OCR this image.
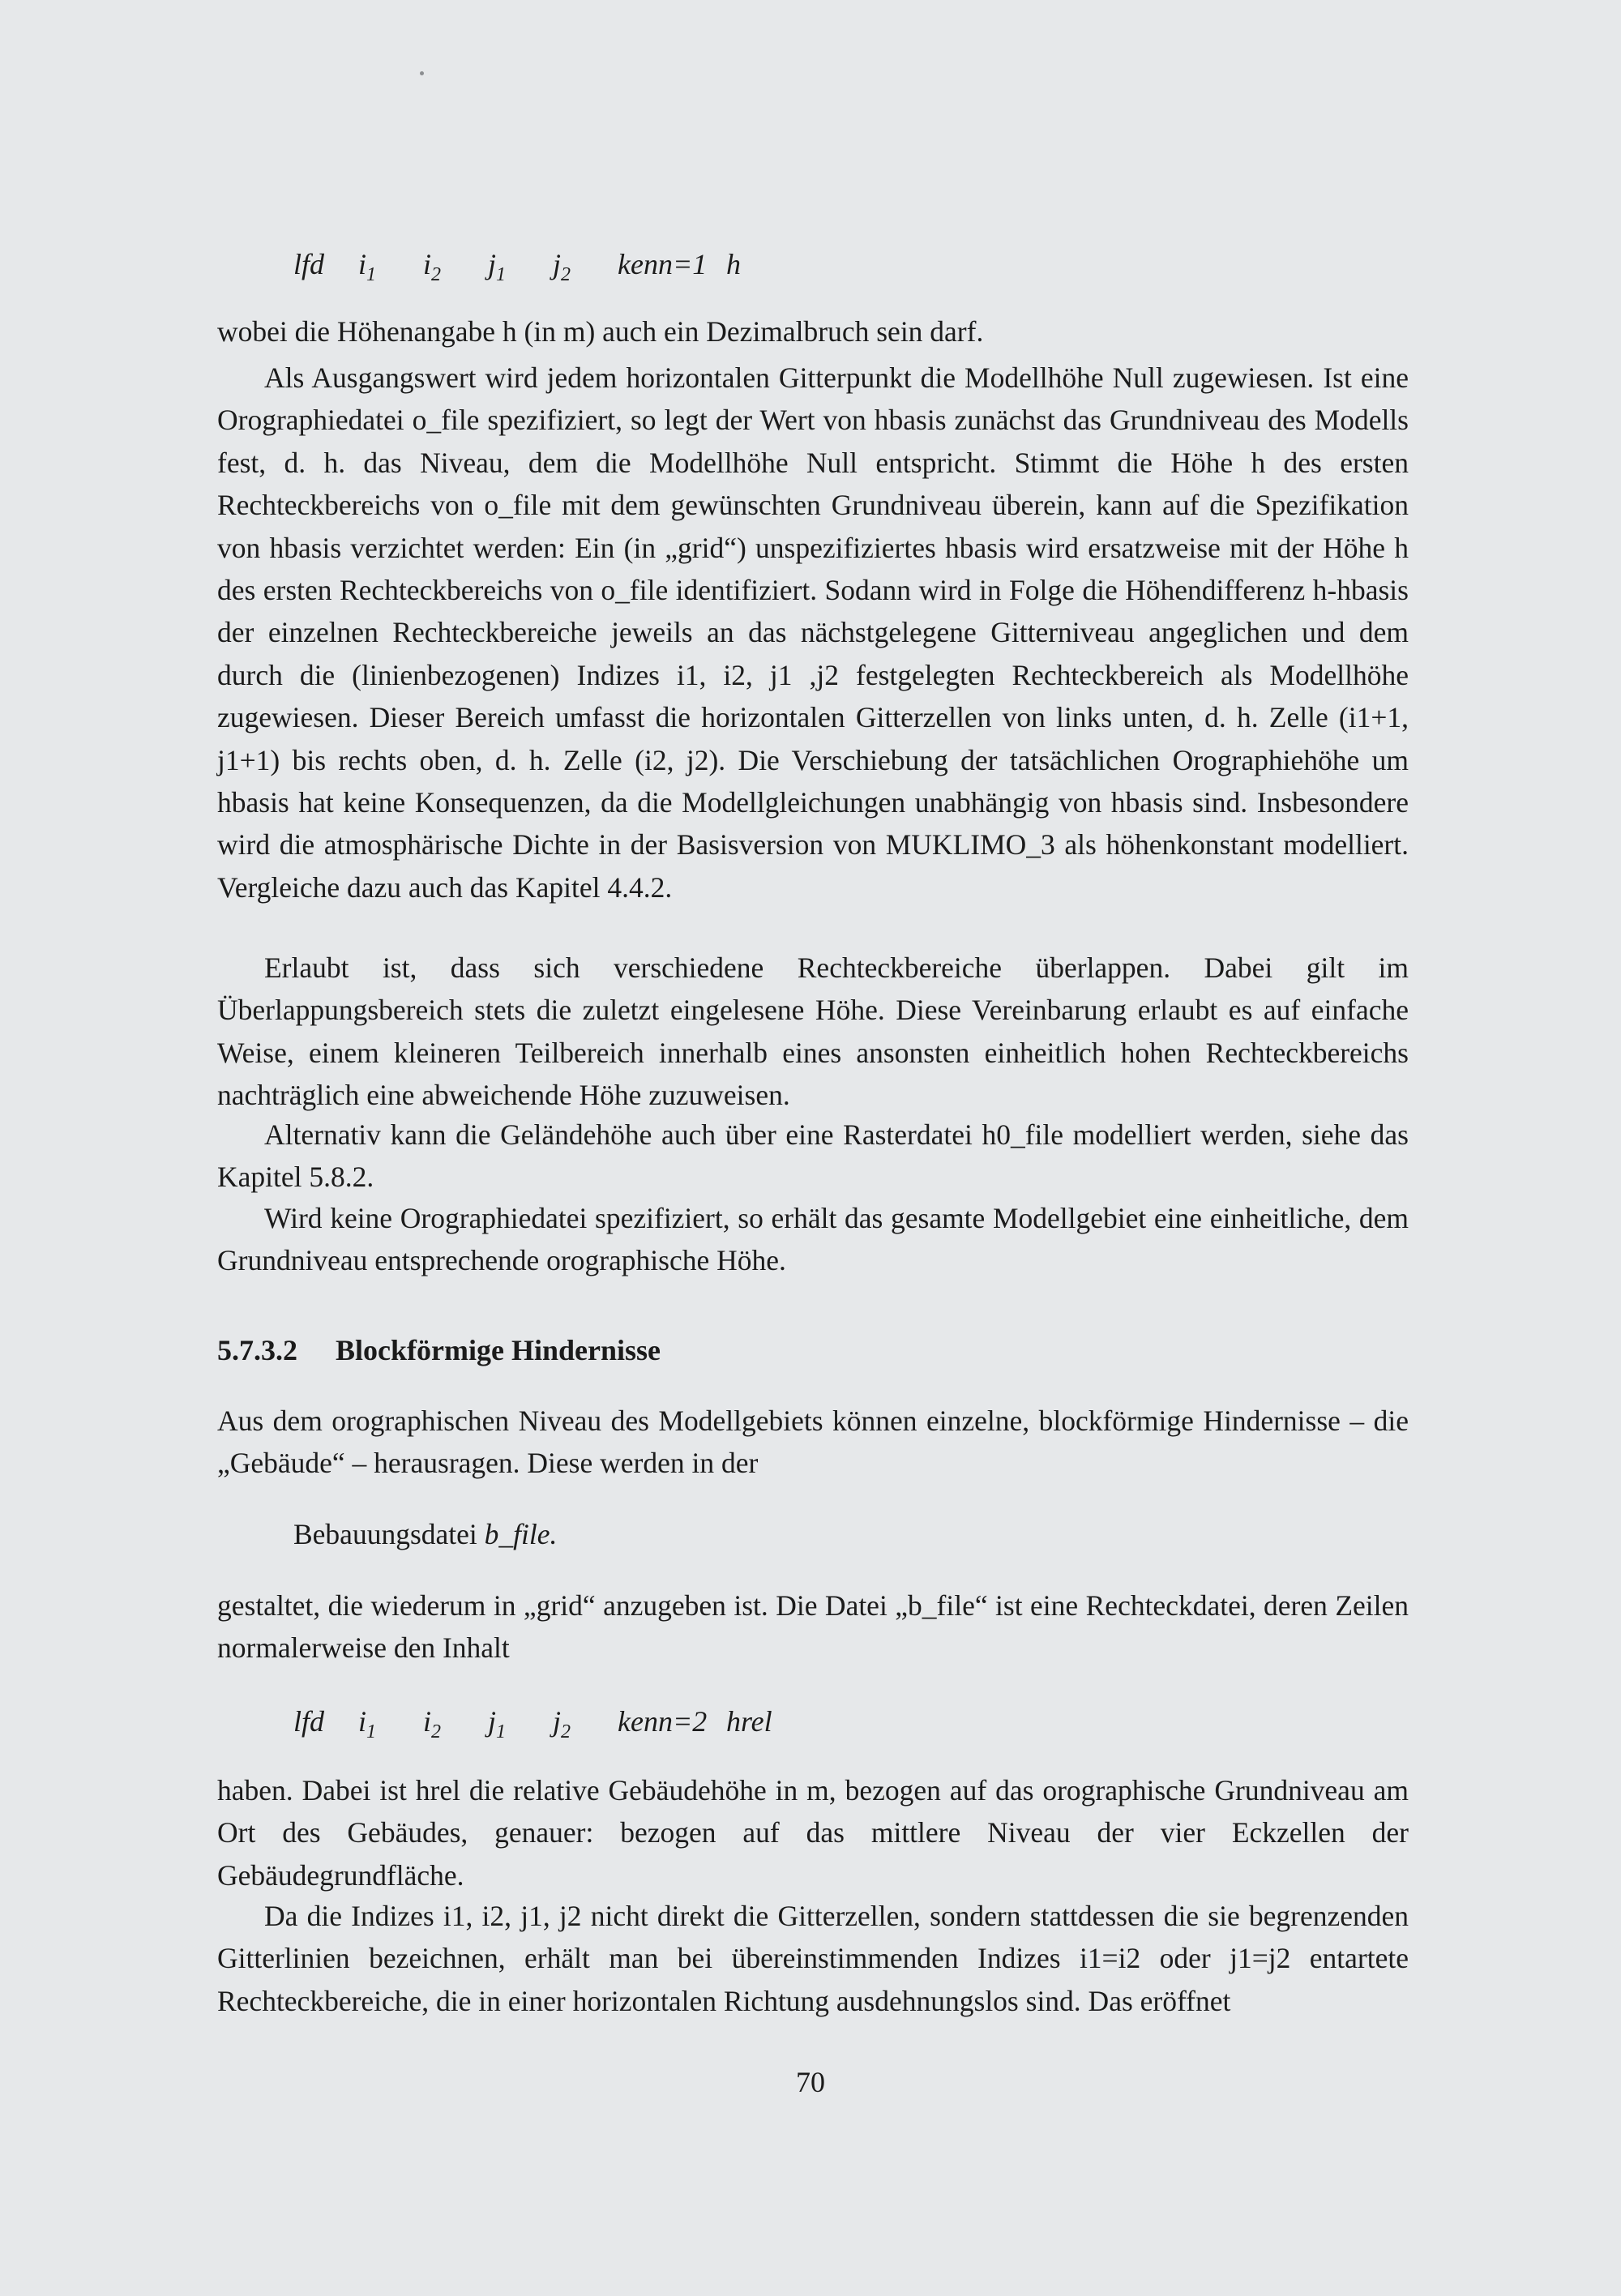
lfd $i_1$ $i_2$ $j_1$ $j_2$ kenn=1 h

wobei die Höhenangabe h (in m) auch ein Dezimalbruch sein darf.

Als Ausgangswert wird jedem horizontalen Gitterpunkt die Modellhöhe Null zugewiesen. Ist eine Orographiedatei o_file spezifiziert, so legt der Wert von hbasis zunächst das Grundniveau des Modells fest, d. h. das Niveau, dem die Modellhöhe Null entspricht. Stimmt die Höhe h des ersten Rechteckbereichs von o_file mit dem gewünschten Grundniveau überein, kann auf die Spezifikation von hbasis verzichtet werden: Ein (in „grid“) unspezifiziertes hbasis wird ersatzweise mit der Höhe h des ersten Rechteckbereichs von o_file identifiziert. Sodann wird in Folge die Höhendifferenz h-hbasis der einzelnen Rechteckbereiche jeweils an das nächstgelegene Gitterniveau angeglichen und dem durch die (linienbezogenen) Indizes i1, i2, j1 ,j2 festgelegten Rechteckbereich als Modellhöhe zugewiesen. Dieser Bereich umfasst die horizontalen Gitterzellen von links unten, d. h. Zelle (i1+1, j1+1) bis rechts oben, d. h. Zelle (i2, j2). Die Verschiebung der tatsächlichen Orographiehöhe um hbasis hat keine Konsequenzen, da die Modellgleichungen unabhängig von hbasis sind. Insbesondere wird die atmosphärische Dichte in der Basisversion von MUKLIMO_3 als höhenkonstant modelliert. Vergleiche dazu auch das Kapitel 4.4.2.

Erlaubt ist, dass sich verschiedene Rechteckbereiche überlappen. Dabei gilt im Überlappungsbereich stets die zuletzt eingelesene Höhe. Diese Vereinbarung erlaubt es auf einfache Weise, einem kleineren Teilbereich innerhalb eines ansonsten einheitlich hohen Rechteckbereichs nachträglich eine abweichende Höhe zuzuweisen.

Alternativ kann die Geländehöhe auch über eine Rasterdatei h0_file modelliert werden, siehe das Kapitel 5.8.2.

Wird keine Orographiedatei spezifiziert, so erhält das gesamte Modellgebiet eine einheitliche, dem Grundniveau entsprechende orographische Höhe.

5.7.3.2 Blockförmige Hindernisse

Aus dem orographischen Niveau des Modellgebiets können einzelne, blockförmige Hindernisse – die „Gebäude“ – herausragen. Diese werden in der

Bebauungsdatei b_file.

gestaltet, die wiederum in „grid“ anzugeben ist. Die Datei „b_file“ ist eine Rechteckdatei, deren Zeilen normalerweise den Inhalt

lfd $i_1$ $i_2$ $j_1$ $j_2$ kenn=2 hrel

haben. Dabei ist hrel die relative Gebäudehöhe in m, bezogen auf das orographische Grundniveau am Ort des Gebäudes, genauer: bezogen auf das mittlere Niveau der vier Eckzellen der Gebäudegrundfläche.

Da die Indizes i1, i2, j1, j2 nicht direkt die Gitterzellen, sondern stattdessen die sie begrenzenden Gitterlinien bezeichnen, erhält man bei übereinstimmenden Indizes i1=i2 oder j1=j2 entartete Rechteckbereiche, die in einer horizontalen Richtung ausdehnungslos sind. Das eröffnet

70
